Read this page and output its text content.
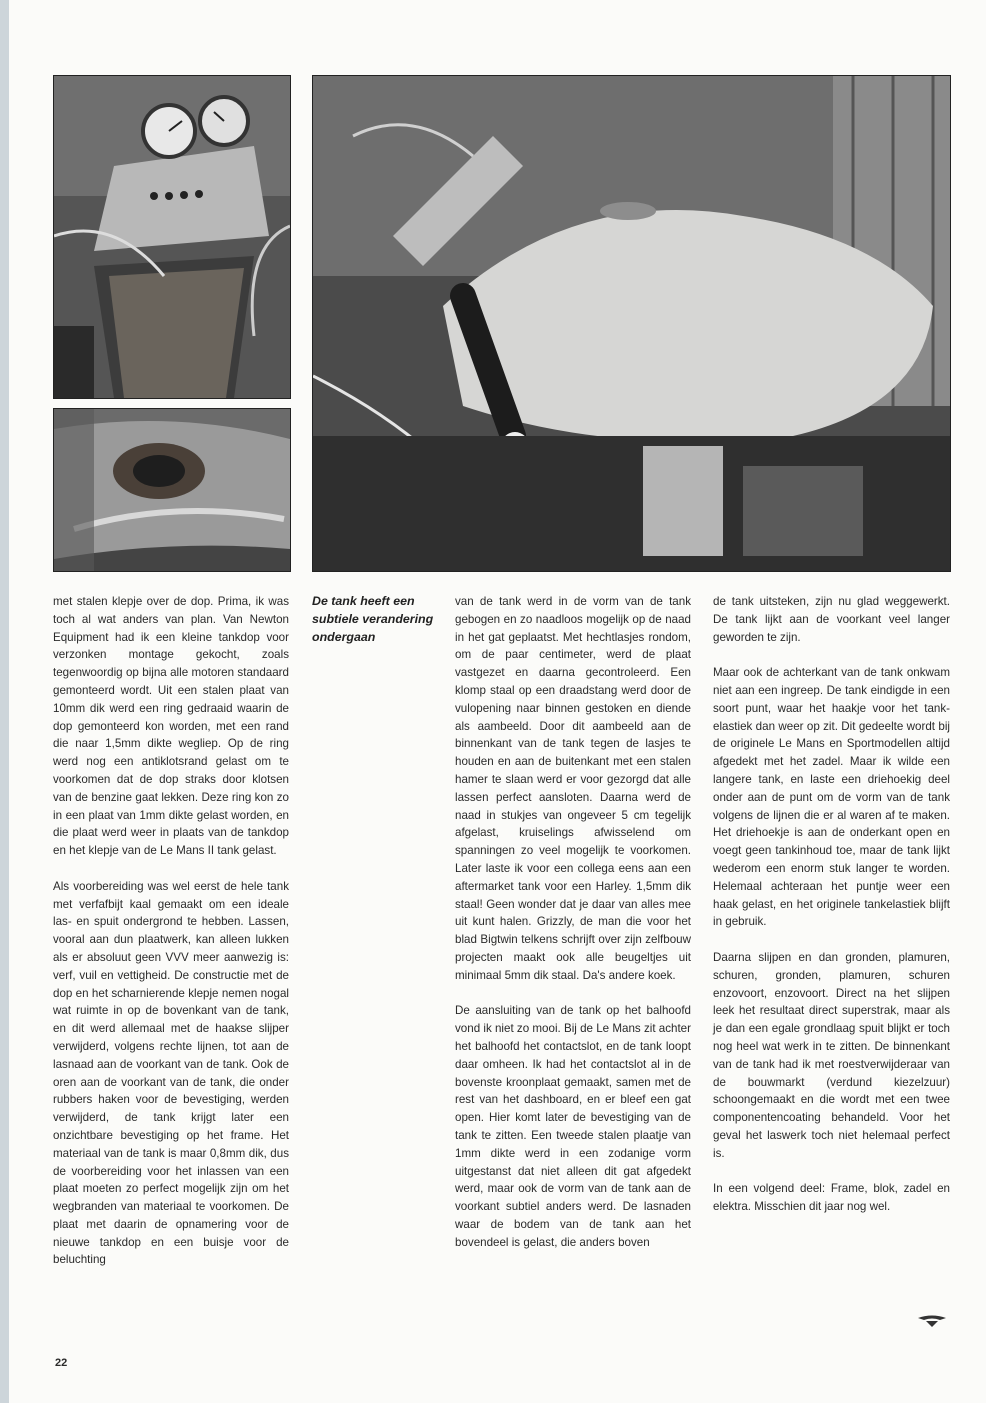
De tank heeft een subtiele verandering ondergaan

met stalen klepje over de dop. Prima, ik was toch al wat anders van plan. Van Newton Equipment had ik een kleine tankdop voor verzonken montage gekocht, zoals tegenwoordig op bijna alle motoren standaard gemonteerd wordt. Uit een stalen plaat van 10mm dik werd een ring gedraaid waarin de dop gemonteerd kon worden, met een rand die naar 1,5mm dikte wegliep. Op de ring werd nog een antiklotsrand gelast om te voorkomen dat de dop straks door klotsen van de benzine gaat lekken. Deze ring kon zo in een plaat van 1mm dikte gelast worden, en die plaat werd weer in plaats van de tankdop en het klepje van de Le Mans II tank gelast.

Als voorbereiding was wel eerst de hele tank met verfafbijt kaal gemaakt om een ideale las- en spuit ondergrond te hebben. Lassen, vooral aan dun plaatwerk, kan alleen lukken als er absoluut geen VVV meer aanwezig is: verf, vuil en vettigheid. De constructie met de dop en het scharnierende klepje nemen nogal wat ruimte in op de bovenkant van de tank, en dit werd allemaal met de haakse slijper verwijderd, volgens rechte lijnen, tot aan de lasnaad aan de voorkant van de tank. Ook de oren aan de voorkant van de tank, die onder rubbers haken voor de bevestiging, werden verwijderd, de tank krijgt later een onzichtbare bevestiging op het frame. Het materiaal van de tank is maar 0,8mm dik, dus de voorbereiding voor het inlassen van een plaat moeten zo perfect mogelijk zijn om het wegbranden van materiaal te voorkomen. De plaat met daarin de opnamering voor de nieuwe tankdop en een buisje voor de beluchting

van de tank werd in de vorm van de tank gebogen en zo naadloos mogelijk op de naad in het gat geplaatst. Met hechtlasjes rondom, om de paar centimeter, werd de plaat vastgezet en daarna gecontroleerd. Een klomp staal op een draadstang werd door de vulopening naar binnen gestoken en diende als aambeeld. Door dit aambeeld aan de binnenkant van de tank tegen de lasjes te houden en aan de buitenkant met een stalen hamer te slaan werd er voor gezorgd dat alle lassen perfect aansloten. Daarna werd de naad in stukjes van ongeveer 5 cm tegelijk afgelast, kruiselings afwisselend om spanningen zo veel mogelijk te voorkomen. Later laste ik voor een collega eens aan een aftermarket tank voor een Harley. 1,5mm dik staal! Geen wonder dat je daar van alles mee uit kunt halen. Grizzly, de man die voor het blad Bigtwin telkens schrijft over zijn zelfbouw projecten maakt ook alle beugeltjes uit minimaal 5mm dik staal. Da's andere koek.

De aansluiting van de tank op het balhoofd vond ik niet zo mooi. Bij de Le Mans zit achter het balhoofd het contactslot, en de tank loopt daar omheen. Ik had het contactslot al in de bovenste kroonplaat gemaakt, samen met de rest van het dashboard, en er bleef een gat open. Hier komt later de bevestiging van de tank te zitten. Een tweede stalen plaatje van 1mm dikte werd in een zodanige vorm uitgestanst dat niet alleen dit gat afgedekt werd, maar ook de vorm van de tank aan de voorkant subtiel anders werd. De lasnaden waar de bodem van de tank aan het bovendeel is gelast, die anders boven

de tank uitsteken, zijn nu glad weggewerkt. De tank lijkt aan de voorkant veel langer geworden te zijn.

Maar ook de achterkant van de tank onkwam niet aan een ingreep. De tank eindigde in een soort punt, waar het haakje voor het tank-elastiek dan weer op zit. Dit gedeelte wordt bij de originele Le Mans en Sportmodellen altijd afgedekt met het zadel. Maar ik wilde een langere tank, en laste een driehoekig deel onder aan de punt om de vorm van de tank volgens de lijnen die er al waren af te maken. Het driehoekje is aan de onderkant open en voegt geen tankinhoud toe, maar de tank lijkt wederom een enorm stuk langer te worden. Helemaal achteraan het puntje weer een haak gelast, en het originele tankelastiek blijft in gebruik.

Daarna slijpen en dan gronden, plamuren, schuren, gronden, plamuren, schuren enzovoort, enzovoort. Direct na het slijpen leek het resultaat direct superstrak, maar als je dan een egale grondlaag spuit blijkt er toch nog heel wat werk in te zitten. De binnenkant van de tank had ik met roestverwijderaar van de bouwmarkt (verdund kiezelzuur) schoongemaakt en die wordt met een twee componentencoating behandeld. Voor het geval het laswerk toch niet helemaal perfect is.

In een volgend deel: Frame, blok, zadel en elektra. Misschien dit jaar nog wel.

22
